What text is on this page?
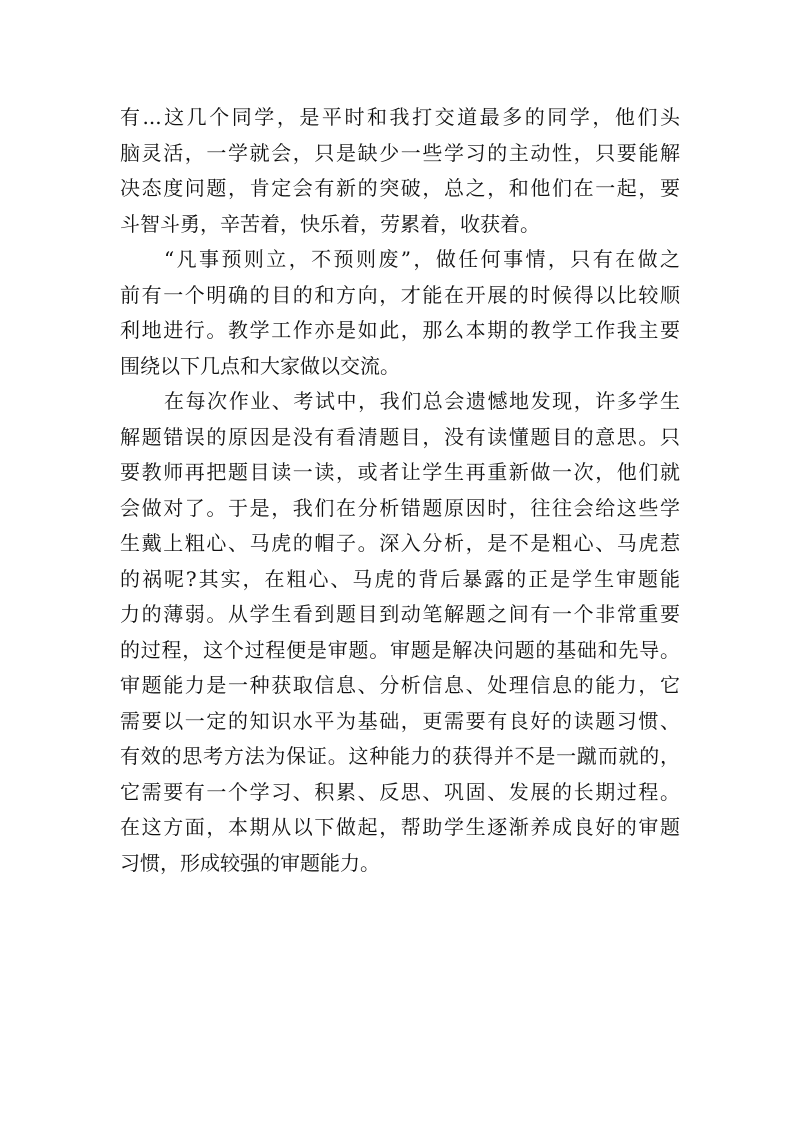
有...这几个同学，是平时和我打交道最多的同学，他们头
脑灵活，一学就会，只是缺少一些学习的主动性，只要能解
决态度问题，肯定会有新的突破，总之，和他们在一起，要
斗智斗勇，辛苦着，快乐着，劳累着，收获着。
“凡事预则立，不预则废”，做任何事情，只有在做之
前有一个明确的目的和方向，才能在开展的时候得以比较顺
利地进行。教学工作亦是如此，那么本期的教学工作我主要
围绕以下几点和大家做以交流。
在每次作业、考试中，我们总会遗憾地发现，许多学生
解题错误的原因是没有看清题目，没有读懂题目的意思。只
要教师再把题目读一读，或者让学生再重新做一次，他们就
会做对了。于是，我们在分析错题原因时，往往会给这些学
生戴上粗心、马虎的帽子。深入分析，是不是粗心、马虎惹
的祸呢?其实，在粗心、马虎的背后暴露的正是学生审题能
力的薄弱。从学生看到题目到动笔解题之间有一个非常重要
的过程，这个过程便是审题。审题是解决问题的基础和先导。
审题能力是一种获取信息、分析信息、处理信息的能力，它
需要以一定的知识水平为基础，更需要有良好的读题习惯、
有效的思考方法为保证。这种能力的获得并不是一蹴而就的，
它需要有一个学习、积累、反思、巩固、发展的长期过程。
在这方面，本期从以下做起，帮助学生逐渐养成良好的审题
习惯，形成较强的审题能力。
